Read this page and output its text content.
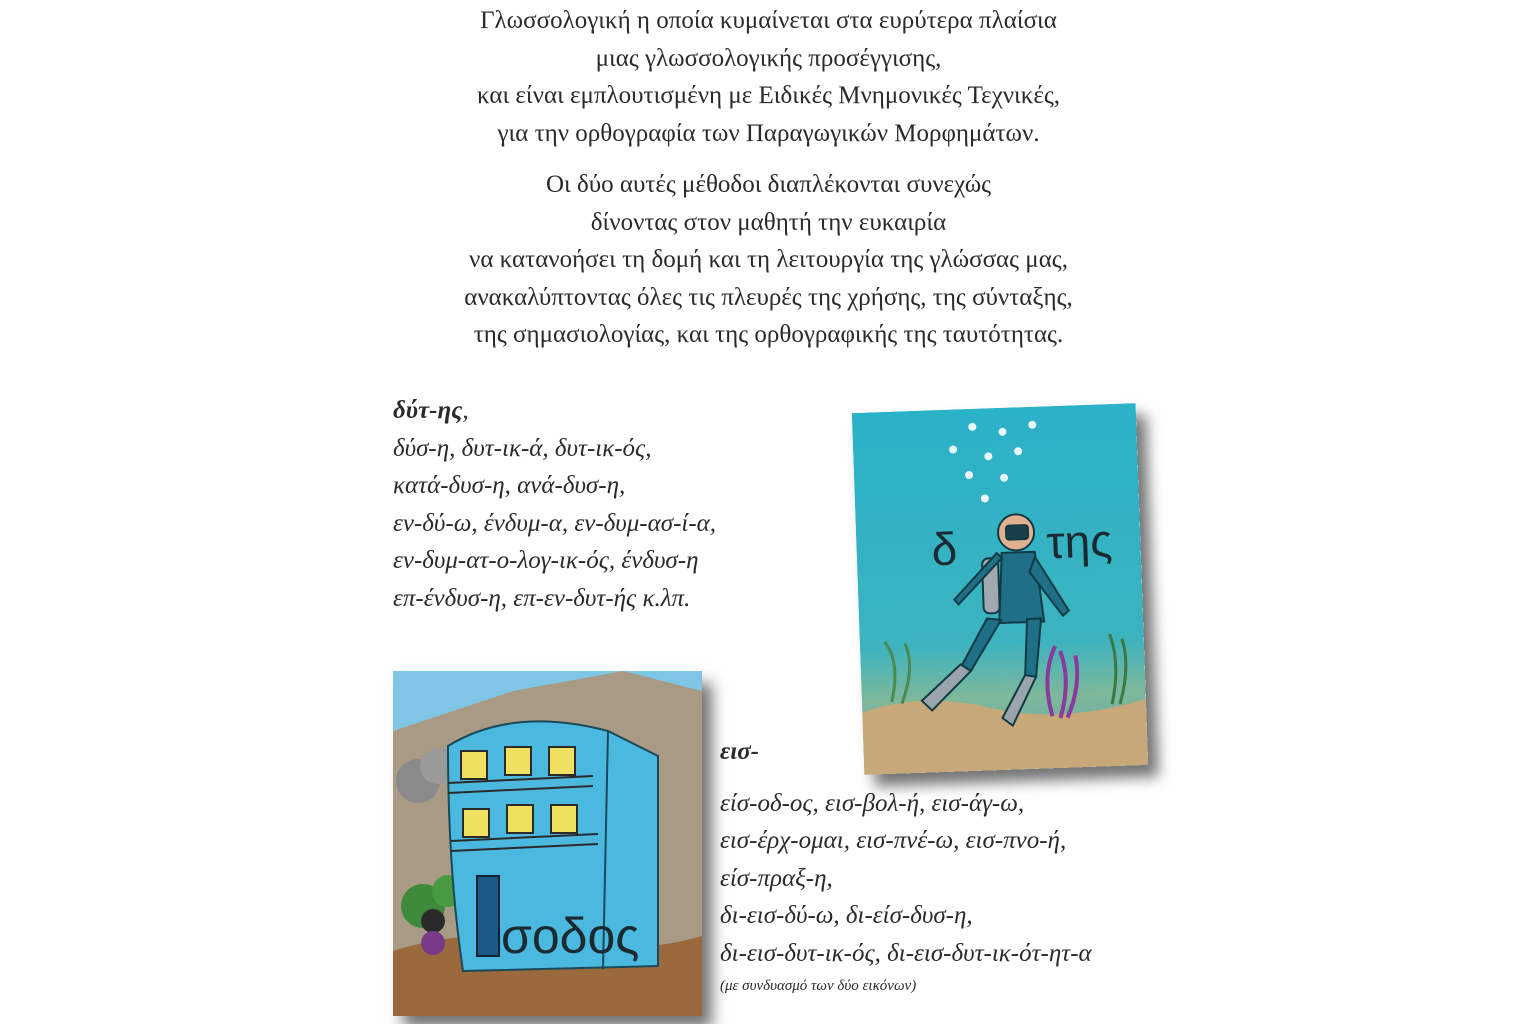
Γλωσσολογική η οποία κυμαίνεται στα ευρύτερα πλαίσια
μιας γλωσσολογικής προσέγγισης,
και είναι εμπλουτισμένη με Ειδικές Μνημονικές Τεχνικές,
για την ορθογραφία των Παραγωγικών Μορφημάτων.
Οι δύο αυτές μέθοδοι διαπλέκονται συνεχώς
δίνοντας στον μαθητή την ευκαιρία
να κατανοήσει τη δομή και τη λειτουργία της γλώσσας μας,
ανακαλύπτοντας όλες τις πλευρές της χρήσης, της σύνταξης,
της σημασιολογίας, και της ορθογραφικής της ταυτότητας.
δύτ-ης,
δύσ-η, δυτ-ικ-ά, δυτ-ικ-ός,
κατά-δυσ-η, ανά-δυσ-η,
εν-δύ-ω, ένδυμ-α, εν-δυμ-ασ-ί-α,
εν-δυμ-ατ-ο-λογ-ικ-ός, ένδυσ-η
επ-ένδυσ-η, επ-εν-δυτ-ής κ.λπ.
εισ-
είσ-οδ-ος, εισ-βολ-ή, εισ-άγ-ω,
εισ-έρχ-ομαι, εισ-πνέ-ω, εισ-πνο-ή,
είσ-πραξ-η,
δι-εισ-δύ-ω, δι-είσ-δυσ-η,
δι-εισ-δυτ-ικ-ός, δι-εισ-δυτ-ικ-ότ-ητ-α
(με συνδυασμό των δύο εικόνων)
δ της
σοδος
